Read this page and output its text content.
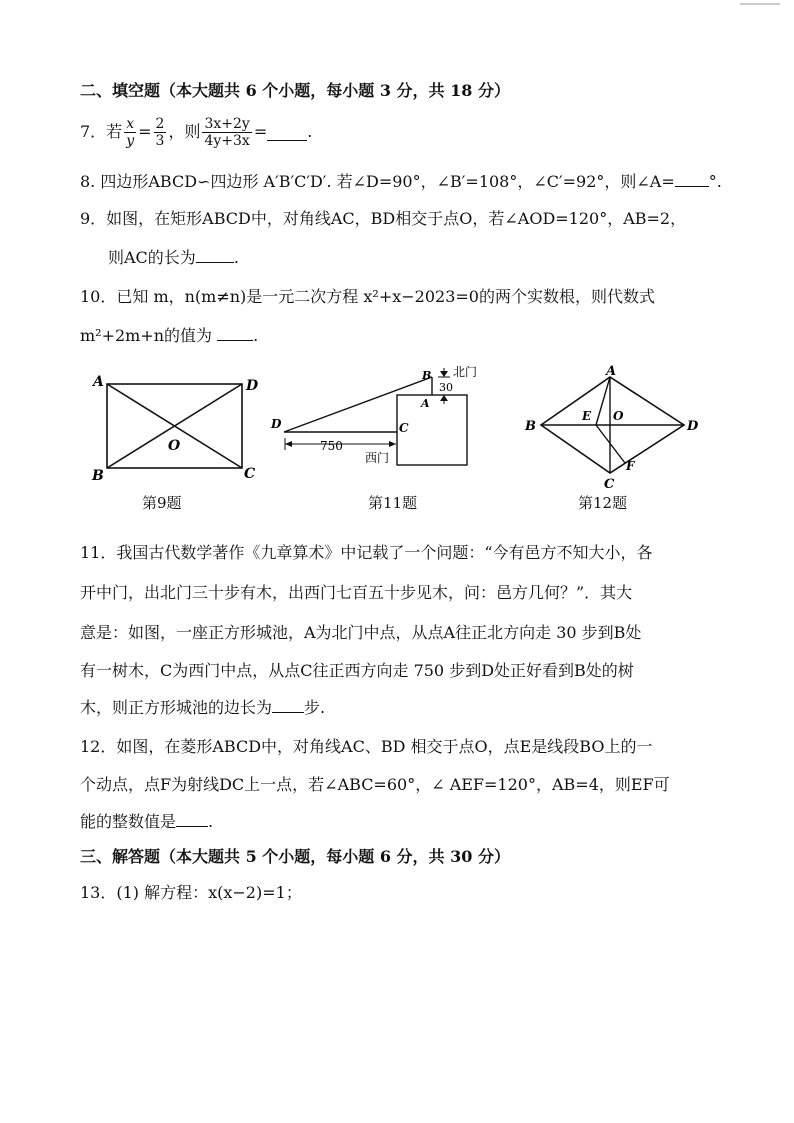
二、填空题（本大题共 6 个小题，每小题 3 分，共 18 分）
7．若 $\frac{x}{y} = \frac{2}{3}$ ，则 $\frac{3x+2y}{4y+3x}$ =	.
8. 四边形ABCD∽四边形 A′B′C′D′. 若∠D=90°，∠B′=108°，∠C′=92°，则∠A= °.
9．如图，在矩形ABCD中，对角线AC，BD相交于点O，若∠AOD=120°，AB=2，
则AC的长为 .
10．已知 m，n(m≠n)是一元二次方程 x²+x−2023=0的两个实数根，则代数式
m²+2m+n的值为	.
A	D
O
B	C
第9题
B 北门
30
A
D	C
750
西门
第11题
A
B
E O
D
F
C
第12题
11．我国古代数学著作《九章算术》中记载了一个问题：“今有邑方不知大小，各
开中门，出北门三十步有木，出西门七百五十步见木，问：邑方几何？”．其大
意是：如图，一座正方形城池，A为北门中点，从点A往正北方向走 30 步到B处
有一树木，C为西门中点，从点C往正西方向走 750 步到D处正好看到B处的树
木，则正方形城池的边长为 步.
12．如图，在菱形ABCD中，对角线AC、BD 相交于点O，点E是线段BO上的一
个动点，点F为射线DC上一点，若∠ABC=60°，∠ AEF=120°，AB=4，则EF可
能的整数值是 .
三、解答题（本大题共 5 个小题，每小题 6 分，共 30 分）
13．(1) 解方程：x(x−2)=1；
